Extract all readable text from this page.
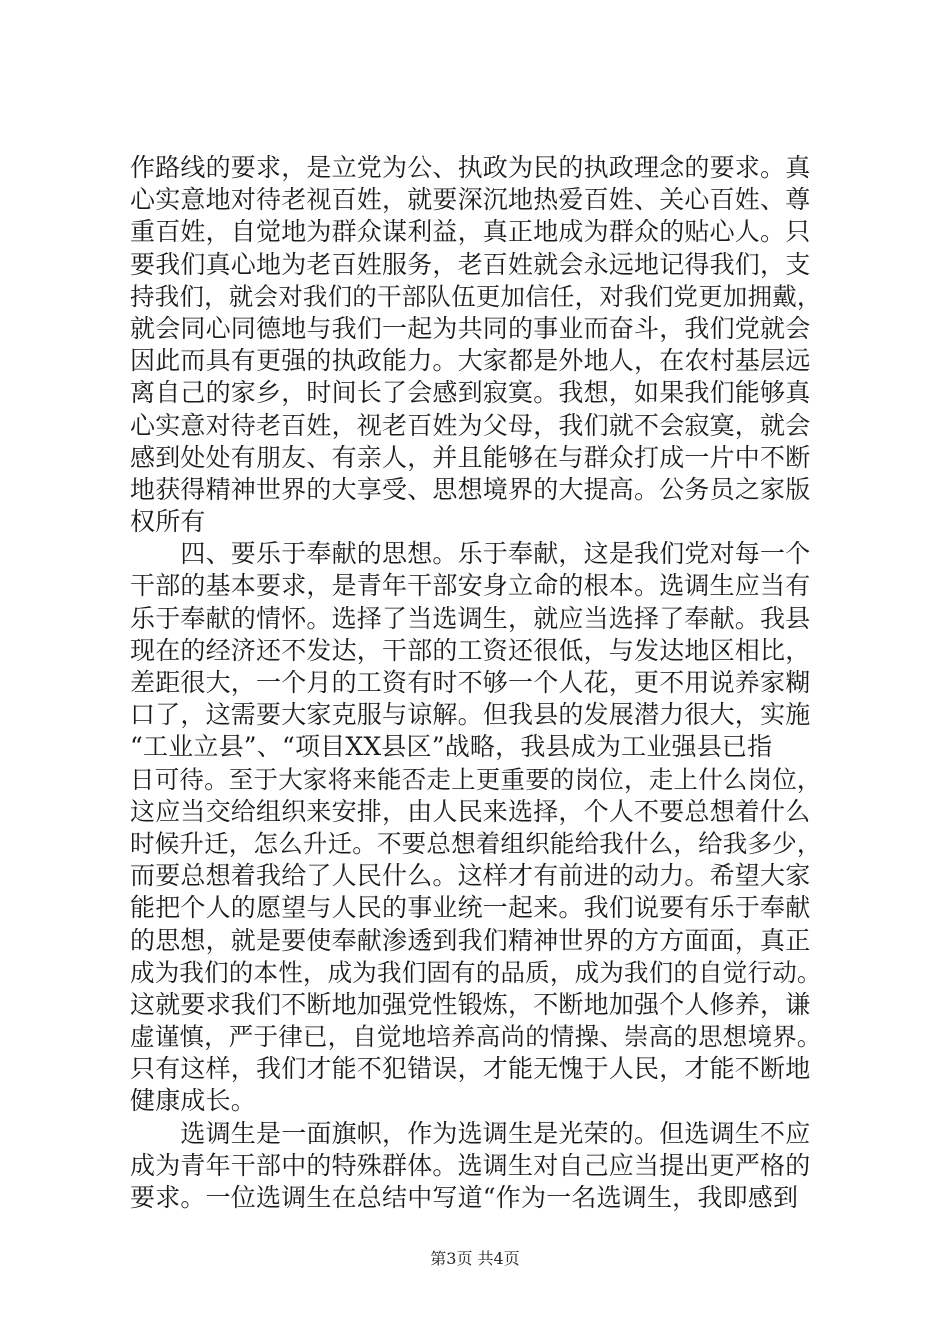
作路线的要求，是立党为公、执政为民的执政理念的要求。真
心实意地对待老视百姓，就要深沉地热爱百姓、关心百姓、尊
重百姓，自觉地为群众谋利益，真正地成为群众的贴心人。只
要我们真心地为老百姓服务，老百姓就会永远地记得我们，支
持我们，就会对我们的干部队伍更加信任，对我们党更加拥戴，
就会同心同德地与我们一起为共同的事业而奋斗，我们党就会
因此而具有更强的执政能力。大家都是外地人，在农村基层远
离自己的家乡，时间长了会感到寂寞。我想，如果我们能够真
心实意对待老百姓，视老百姓为父母，我们就不会寂寞，就会
感到处处有朋友、有亲人，并且能够在与群众打成一片中不断
地获得精神世界的大享受、思想境界的大提高。公务员之家版
权所有
　　四、要乐于奉献的思想。乐于奉献，这是我们党对每一个
干部的基本要求，是青年干部安身立命的根本。选调生应当有
乐于奉献的情怀。选择了当选调生，就应当选择了奉献。我县
现在的经济还不发达，干部的工资还很低，与发达地区相比，
差距很大，一个月的工资有时不够一个人花，更不用说养家糊
口了，这需要大家克服与谅解。但我县的发展潜力很大，实施
“工业立县”、“项目XX县区”战略，我县成为工业强县已指
日可待。至于大家将来能否走上更重要的岗位，走上什么岗位，
这应当交给组织来安排，由人民来选择，个人不要总想着什么
时候升迁，怎么升迁。不要总想着组织能给我什么，给我多少，
而要总想着我给了人民什么。这样才有前进的动力。希望大家
能把个人的愿望与人民的事业统一起来。我们说要有乐于奉献
的思想，就是要使奉献渗透到我们精神世界的方方面面，真正
成为我们的本性，成为我们固有的品质，成为我们的自觉行动。
这就要求我们不断地加强党性锻炼，不断地加强个人修养，谦
虚谨慎，严于律已，自觉地培养高尚的情操、崇高的思想境界。
只有这样，我们才能不犯错误，才能无愧于人民，才能不断地
健康成长。
　　选调生是一面旗帜，作为选调生是光荣的。但选调生不应
成为青年干部中的特殊群体。选调生对自己应当提出更严格的
要求。一位选调生在总结中写道“作为一名选调生，我即感到
第3页 共4页
